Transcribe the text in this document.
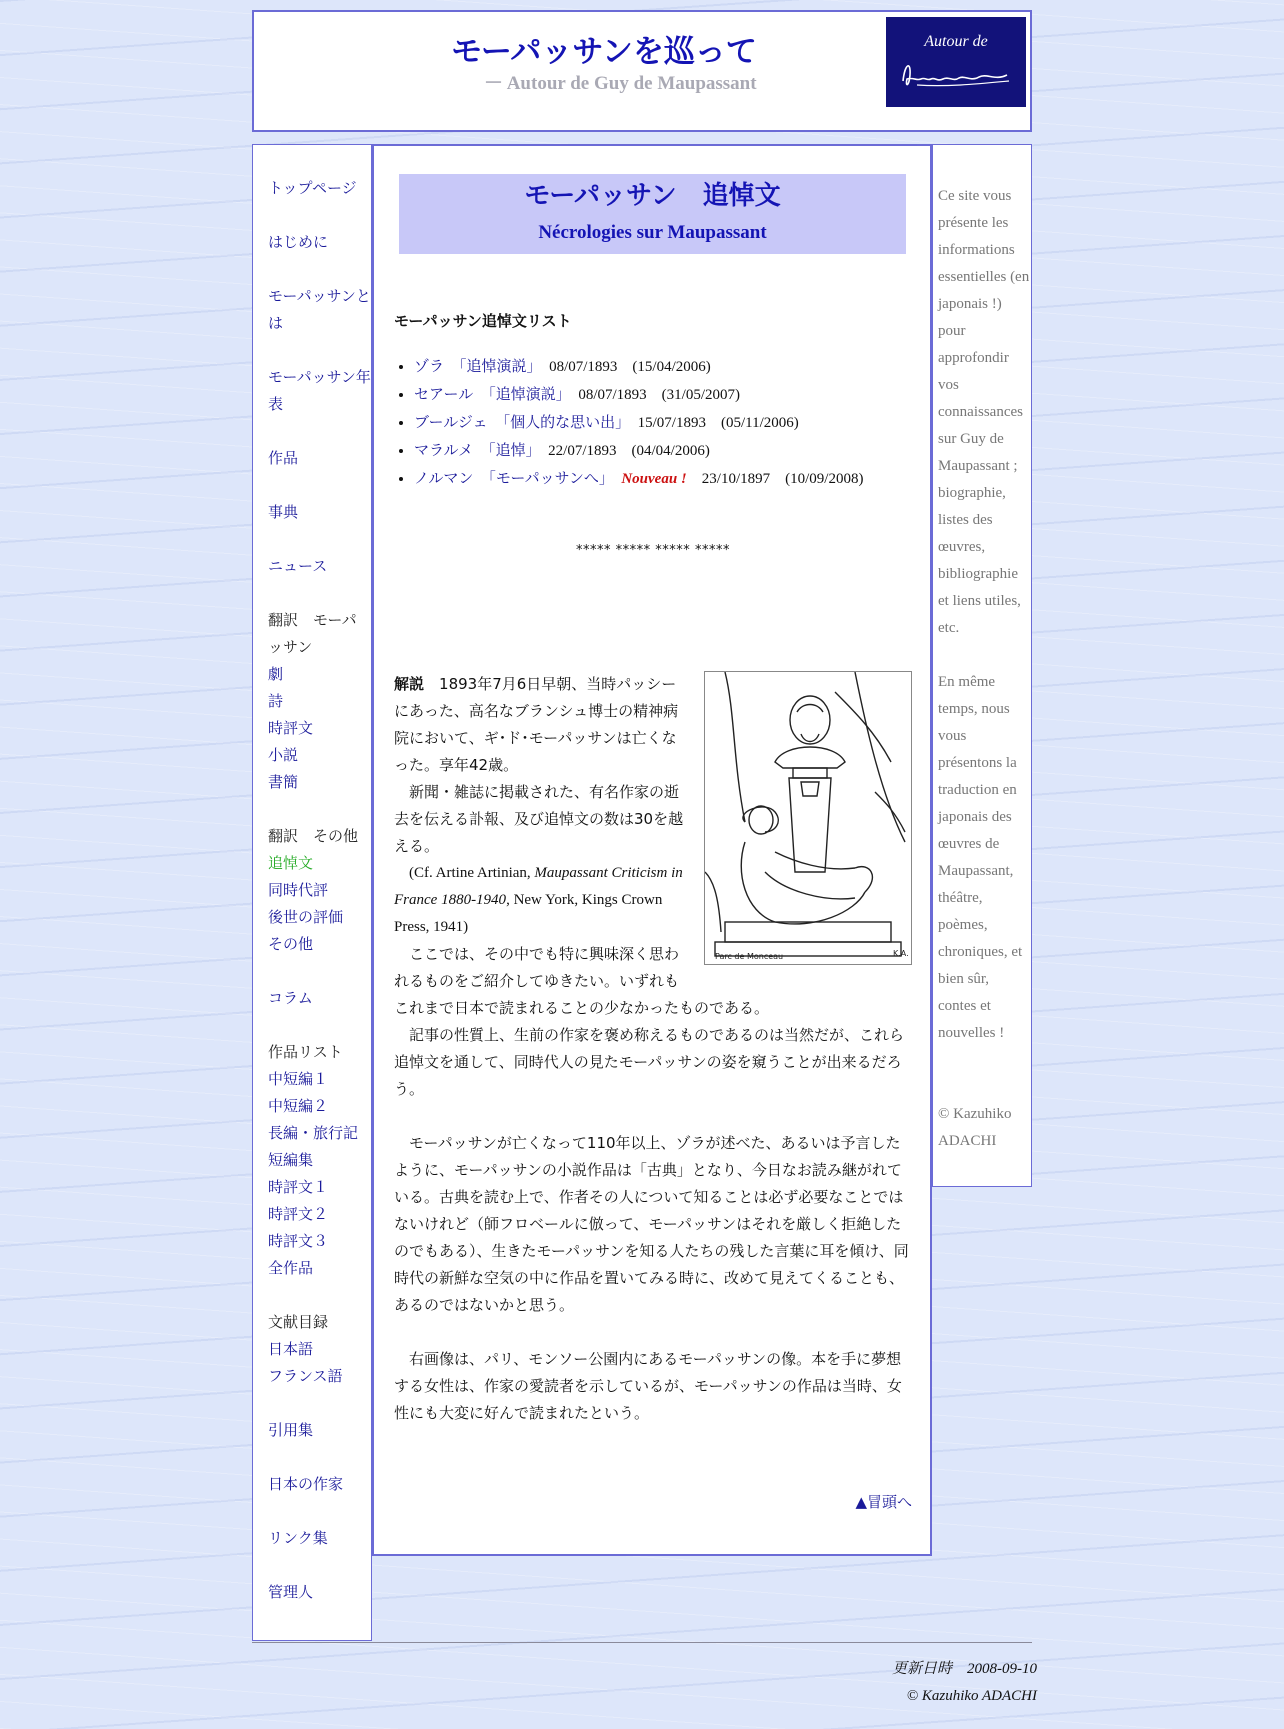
モーパッサンを巡って
－ Autour de Guy de Maupassant
Autour de
トップページ
はじめに
モーパッサンとは
モーパッサン年表
作品
事典
ニュース
翻訳　モーパッサン
劇
詩
時評文
小説
書簡
翻訳　その他
追悼文
同時代評
後世の評価
その他
コラム
作品リスト
中短編１
中短編２
長編・旅行記
短編集
時評文１
時評文２
時評文３
全作品
文献目録
日本語
フランス語
引用集
日本の作家
リンク集
管理人
モーパッサン　追悼文
Nécrologies sur Maupassant
モーパッサン追悼文リスト
• ゾラ　 「追悼演説」　 08/07/1893　 (15/04/2006)
• セアール　 「追悼演説」　 08/07/1893　 (31/05/2007)
• ブールジェ　 「個人的な思い出」　 15/07/1893　 (05/11/2006)
• マラルメ　 「追悼」　 22/07/1893　 (04/04/2006)
• ノルマン　 「モーパッサンへ」　 Nouveau !　 23/10/1897　 (10/09/2008)
***** ***** ***** *****
Parc de Monceau	K.A.

解説　 1893年7月6日早朝、当時パッシーにあった、高名なブランシュ博士の精神病院において、ギ･ド･モーパッサンは亡くなった。享年42歳。

　新聞・雑誌に掲載された、有名作家の逝去を伝える訃報、及び追悼文の数は30を越える。

　(Cf. Artine Artinian, Maupassant Criticism in France 1880-1940, New York, Kings Crown Press, 1941)

　ここでは、その中でも特に興味深く思われるものをご紹介してゆきたい。いずれもこれまで日本で読まれることの少なかったものである。

　記事の性質上、生前の作家を褒め称えるものであるのは当然だが、これら追悼文を通して、同時代人の見たモーパッサンの姿を窺うことが出来るだろう。

　モーパッサンが亡くなって110年以上、ゾラが述べた、あるいは予言したように、モーパッサンの小説作品は「古典」となり、今日なお読み継がれている。古典を読む上で、作者その人について知ることは必ず必要なことではないけれど（師フロベールに倣って、モーパッサンはそれを厳しく拒絶したのでもある）、生きたモーパッサンを知る人たちの残した言葉に耳を傾け、同時代の新鮮な空気の中に作品を置いてみる時に、改めて見えてくることも、あるのではないかと思う。

　右画像は、パリ、モンソー公園内にあるモーパッサンの像。本を手に夢想する女性は、作家の愛読者を示しているが、モーパッサンの作品は当時、女性にも大変に好んで読まれたという。

▲冒頭へ

Ce site vous présente les informations essentielles (en japonais !) pour approfondir vos connaissances sur Guy de Maupassant ; biographie, listes des œuvres, bibliographie et liens utiles, etc.

En même temps, nous vous présentons la traduction en japonais des œuvres de Maupassant, théâtre, poèmes, chroniques, et bien sûr, contes et nouvelles !

© Kazuhiko ADACHI

更新日時　 2008-09-10
© Kazuhiko ADACHI
